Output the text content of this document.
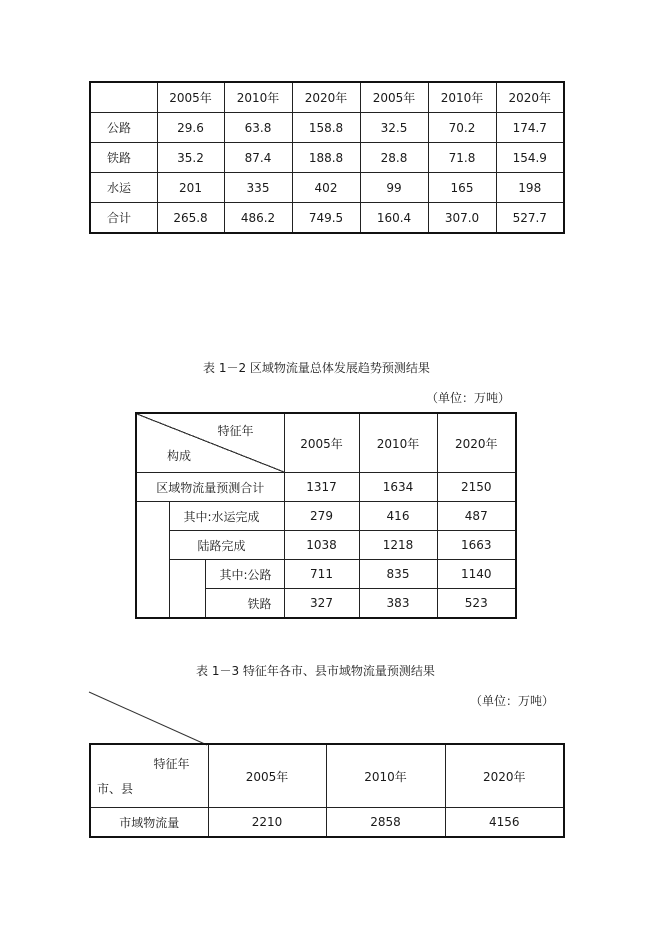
	2005年	2010年	2020年	2005年	2010年	2020年
公路	29.6	63.8	158.8	32.5	70.2	174.7
铁路	35.2	87.4	188.8	28.8	71.8	154.9
水运	201	335	402	99	165	198
合计	265.8	486.2	749.5	160.4	307.0	527.7
表 1－2 区域物流量总体发展趋势预测结果
（单位：万吨）
特征年
构成			2005年	2010年	2020年
区域物流量预测合计			1317	1634	2150
	其中:水运完成		279	416	487
	陆路完成		1038	1218	1663
		其中:公路	711	835	1140
		铁路	327	383	523
表 1－3 特征年各市、县市域物流量预测结果
（单位：万吨）
特征年
市、县	2005年	2010年	2020年
市域物流量	2210	2858	4156
